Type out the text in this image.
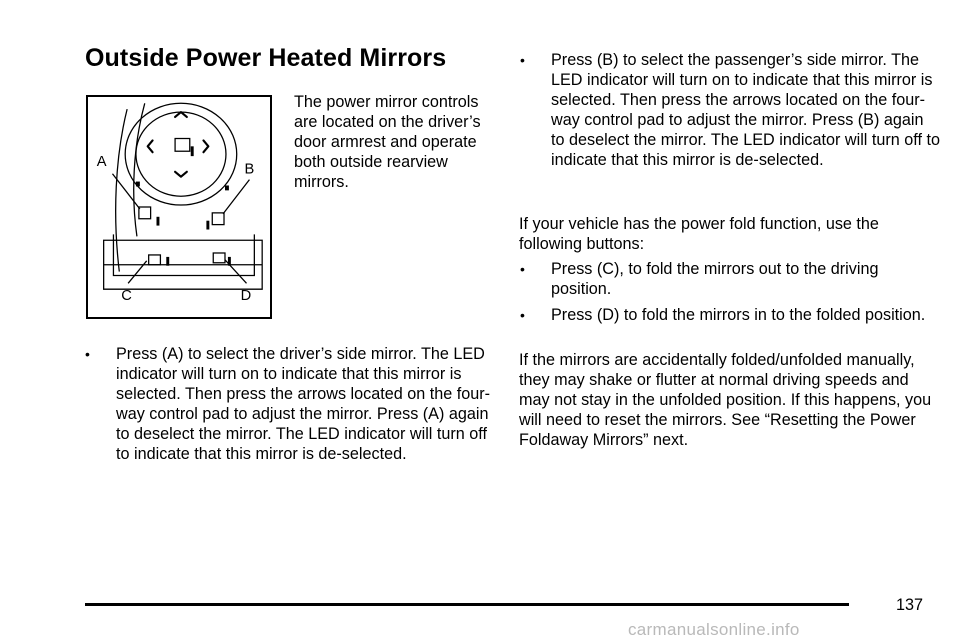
Outside Power Heated Mirrors
A	B
C	D
The power mirror controls are located on the driver’s door armrest and operate both outside rearview mirrors.
•	Press (A) to select the driver’s side mirror. The LED indicator will turn on to indicate that this mirror is selected. Then press the arrows located on the four-way control pad to adjust the mirror. Press (A) again to deselect the mirror. The LED indicator will turn off to indicate that this mirror is de-selected.
•	Press (B) to select the passenger’s side mirror. The LED indicator will turn on to indicate that this mirror is selected. Then press the arrows located on the four-way control pad to adjust the mirror. Press (B) again to deselect the mirror. The LED indicator will turn off to indicate that this mirror is de-selected.
If your vehicle has the power fold function, use the following buttons:
•	Press (C), to fold the mirrors out to the driving position.
•	Press (D) to fold the mirrors in to the folded position.
If the mirrors are accidentally folded/unfolded manually, they may shake or flutter at normal driving speeds and may not stay in the unfolded position. If this happens, you will need to reset the mirrors. See “Resetting the Power Foldaway Mirrors” next.
137
carmanualsonline.info
